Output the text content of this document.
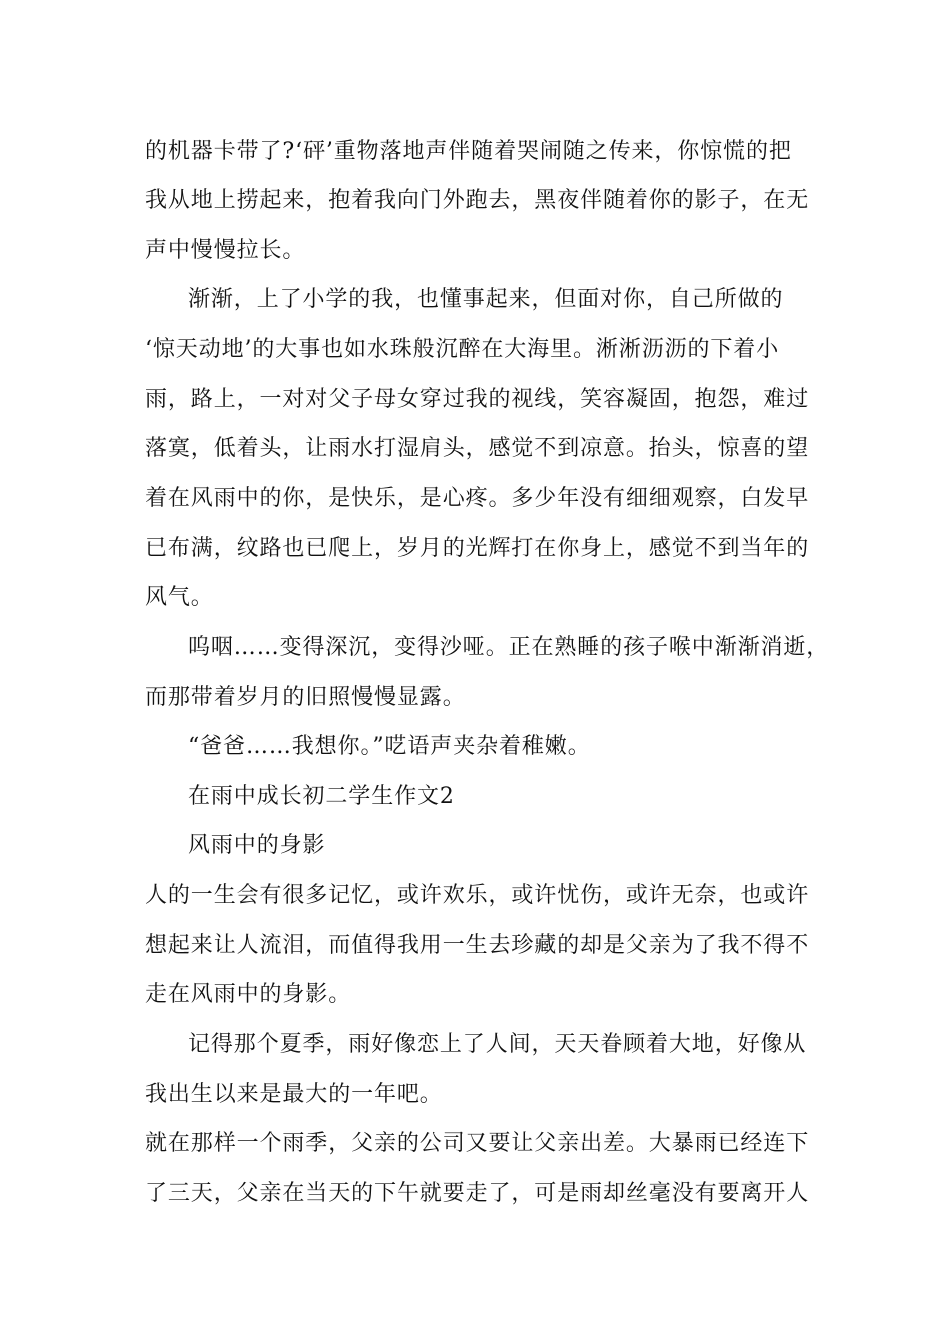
的机器卡带了?‘砰’重物落地声伴随着哭闹随之传来，你惊慌的把
我从地上捞起来，抱着我向门外跑去，黑夜伴随着你的影子，在无
声中慢慢拉长。
渐渐，上了小学的我，也懂事起来，但面对你，自己所做的
‘惊天动地’的大事也如水珠般沉醉在大海里。淅淅沥沥的下着小
雨，路上，一对对父子母女穿过我的视线，笑容凝固，抱怨，难过
落寞，低着头，让雨水打湿肩头，感觉不到凉意。抬头，惊喜的望
着在风雨中的你，是快乐，是心疼。多少年没有细细观察，白发早
已布满，纹路也已爬上，岁月的光辉打在你身上，感觉不到当年的
风气。
呜咽……变得深沉，变得沙哑。正在熟睡的孩子喉中渐渐消逝，
而那带着岁月的旧照慢慢显露。
“爸爸……我想你。”呓语声夹杂着稚嫩。
在雨中成长初二学生作文2
风雨中的身影
人的一生会有很多记忆，或许欢乐，或许忧伤，或许无奈，也或许
想起来让人流泪，而值得我用一生去珍藏的却是父亲为了我不得不
走在风雨中的身影。
记得那个夏季，雨好像恋上了人间，天天眷顾着大地，好像从
我出生以来是最大的一年吧。
就在那样一个雨季，父亲的公司又要让父亲出差。大暴雨已经连下
了三天，父亲在当天的下午就要走了，可是雨却丝毫没有要离开人
